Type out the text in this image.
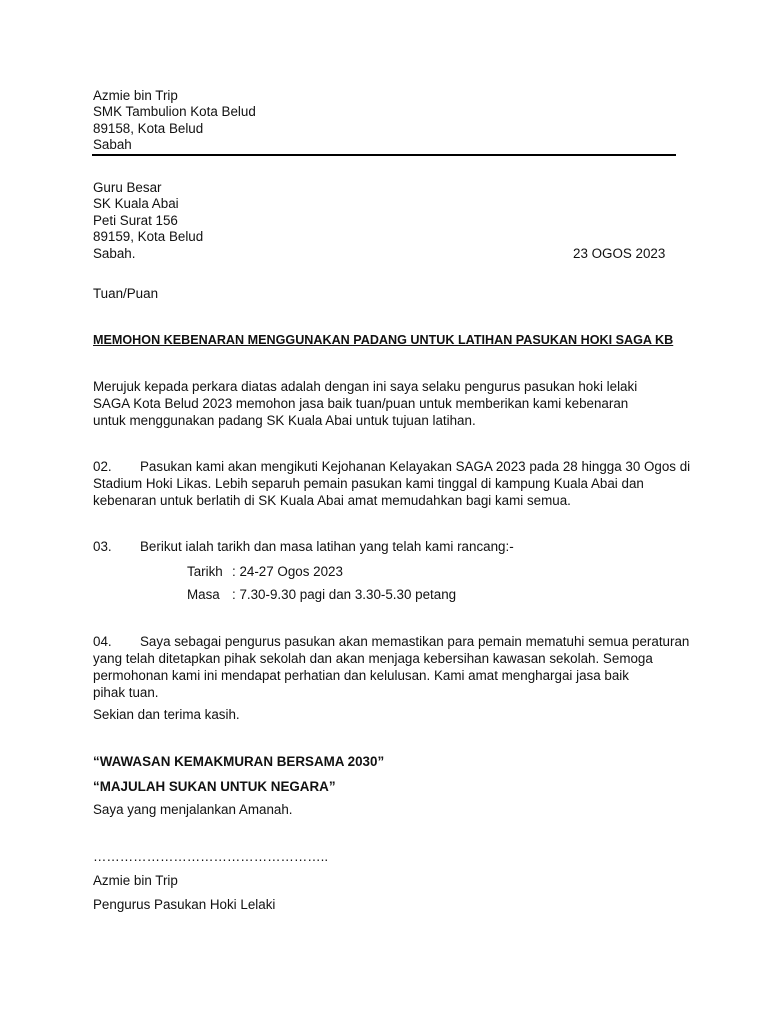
Azmie bin Trip
SMK Tambulion Kota Belud
89158, Kota Belud
Sabah
Guru Besar
SK Kuala Abai
Peti Surat 156
89159, Kota Belud
Sabah.	23 OGOS 2023
Tuan/Puan
MEMOHON KEBENARAN MENGGUNAKAN PADANG UNTUK LATIHAN PASUKAN HOKI SAGA KB
Merujuk kepada perkara diatas adalah dengan ini saya selaku pengurus pasukan hoki lelaki SAGA Kota Belud 2023 memohon jasa baik tuan/puan untuk memberikan kami kebenaran untuk menggunakan padang SK Kuala Abai untuk tujuan latihan.
02. Pasukan kami akan mengikuti Kejohanan Kelayakan SAGA 2023 pada 28 hingga 30 Ogos di
Stadium Hoki Likas. Lebih separuh pemain pasukan kami tinggal di kampung Kuala Abai dan kebenaran untuk berlatih di SK Kuala Abai amat memudahkan bagi kami semua.
03. Berikut ialah tarikh dan masa latihan yang telah kami rancang:-
Tarikh : 24-27 Ogos 2023
Masa : 7.30-9.30 pagi dan 3.30-5.30 petang
04. Saya sebagai pengurus pasukan akan memastikan para pemain mematuhi semua peraturan
yang telah ditetapkan pihak sekolah dan akan menjaga kebersihan kawasan sekolah. Semoga permohonan kami ini mendapat perhatian dan kelulusan. Kami amat menghargai jasa baik pihak tuan.
Sekian dan terima kasih.
“WAWASAN KEMAKMURAN BERSAMA 2030”
“MAJULAH SUKAN UNTUK NEGARA”
Saya yang menjalankan Amanah.
……………………………………………..
Azmie bin Trip
Pengurus Pasukan Hoki Lelaki
